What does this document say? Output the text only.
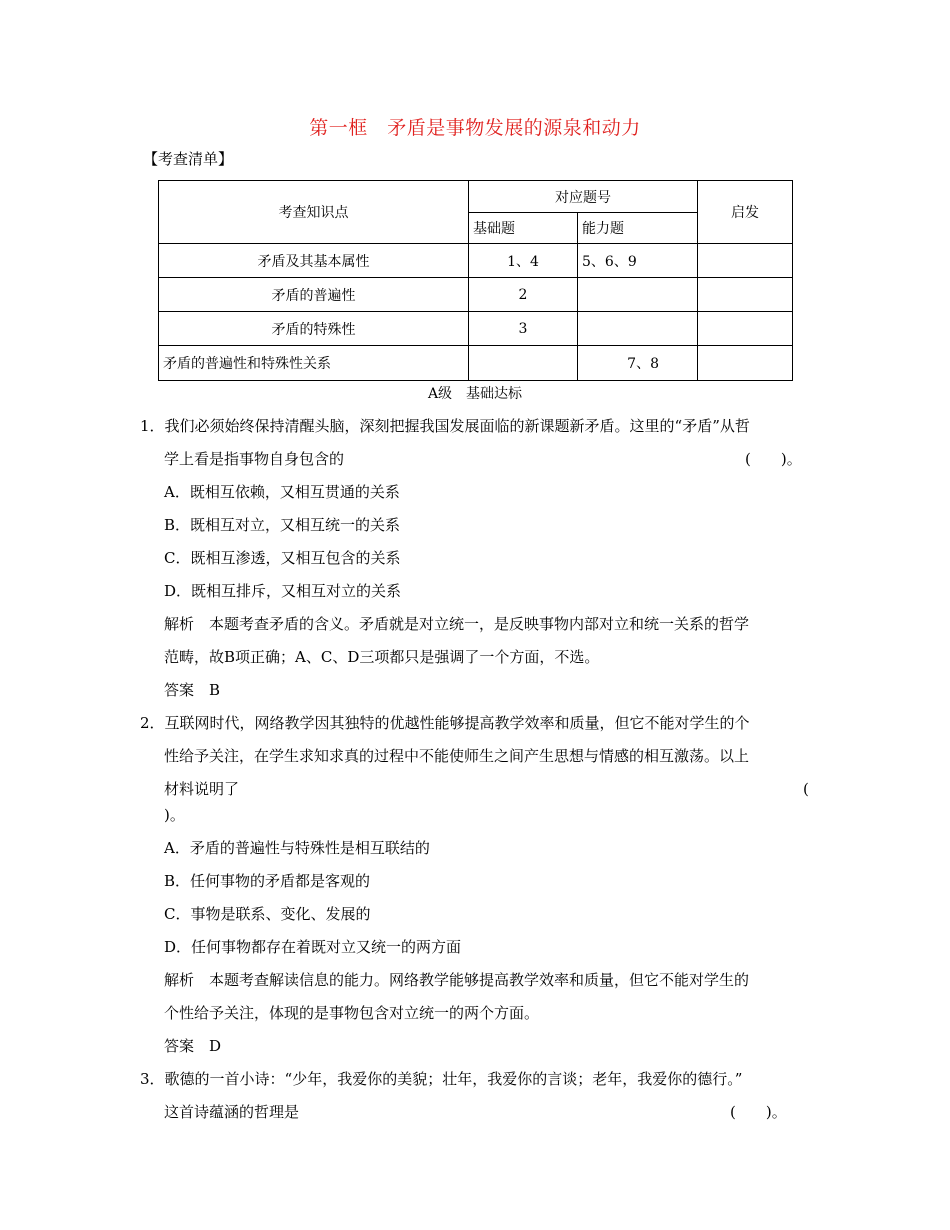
第一框　矛盾是事物发展的源泉和动力
【考查清单】
考查知识点	对应题号		启发
	基础题	能力题	
矛盾及其基本属性	1、4	5、6、9	
矛盾的普遍性	2		
矛盾的特殊性	3		
矛盾的普遍性和特殊性关系		7、8	
A级　基础达标
1．我们必须始终保持清醒头脑，深刻把握我国发展面临的新课题新矛盾。这里的“矛盾”从哲
学上看是指事物自身包含的	(　　)。
A．既相互依赖，又相互贯通的关系
B．既相互对立，又相互统一的关系
C．既相互渗透，又相互包含的关系
D．既相互排斥，又相互对立的关系
解析　本题考查矛盾的含义。矛盾就是对立统一，是反映事物内部对立和统一关系的哲学
范畴，故B项正确；A、C、D三项都只是强调了一个方面，不选。
答案　B
2．互联网时代，网络教学因其独特的优越性能够提高教学效率和质量，但它不能对学生的个
性给予关注，在学生求知求真的过程中不能使师生之间产生思想与情感的相互激荡。以上
材料说明了	(
)。
A．矛盾的普遍性与特殊性是相互联结的
B．任何事物的矛盾都是客观的
C．事物是联系、变化、发展的
D．任何事物都存在着既对立又统一的两方面
解析　本题考查解读信息的能力。网络教学能够提高教学效率和质量，但它不能对学生的
个性给予关注，体现的是事物包含对立统一的两个方面。
答案　D
3．歌德的一首小诗：“少年，我爱你的美貌；壮年，我爱你的言谈；老年，我爱你的德行。”
这首诗蕴涵的哲理是	(　　)。
